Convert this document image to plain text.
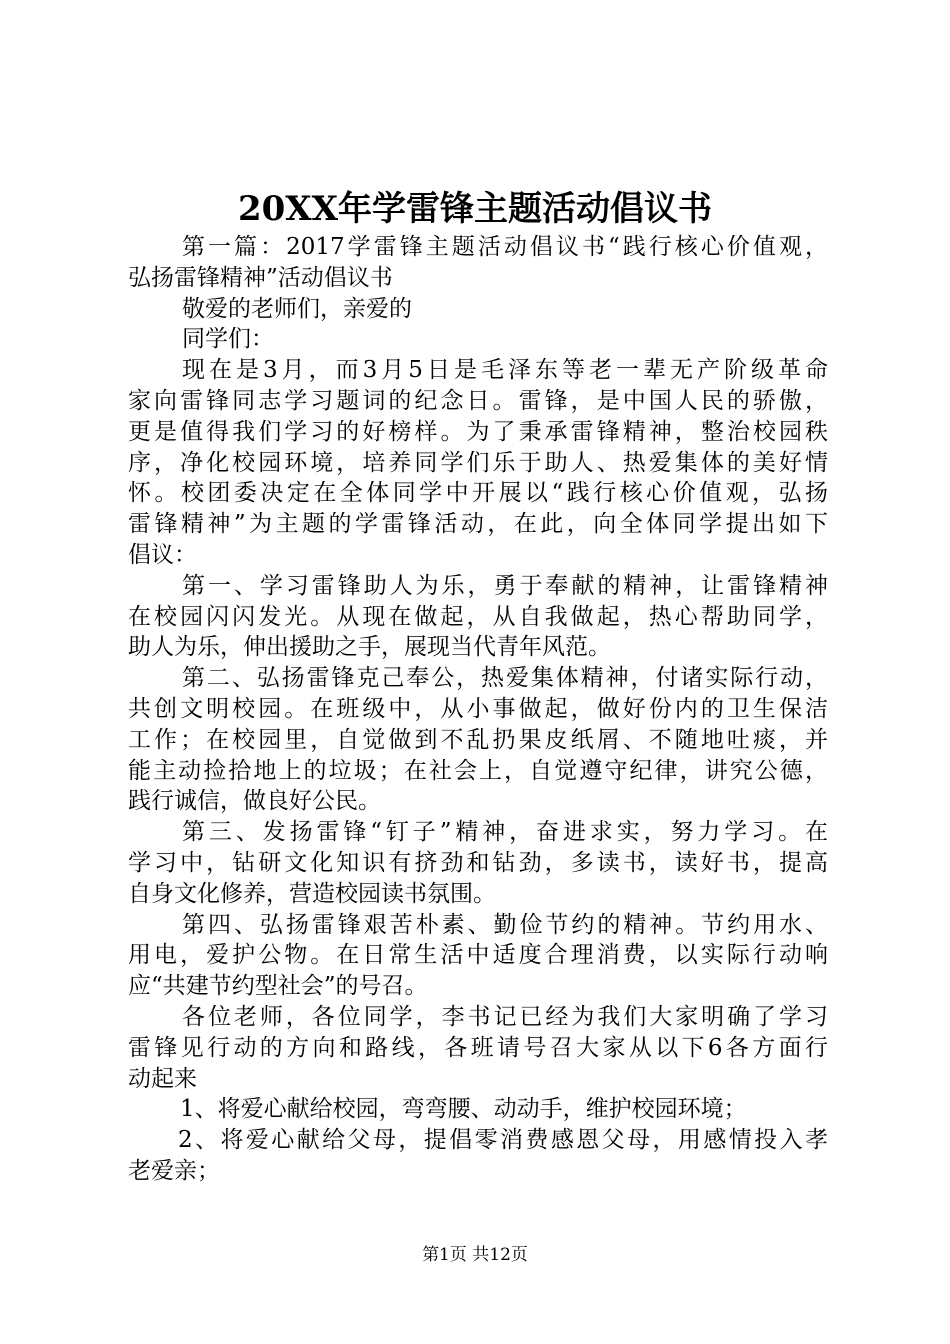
20XX年学雷锋主题活动倡议书
第一篇：2017学雷锋主题活动倡议书“践行核心价值观，
弘扬雷锋精神”活动倡议书
敬爱的老师们，亲爱的
同学们：
现在是3月，而3月5日是毛泽东等老一辈无产阶级革命
家向雷锋同志学习题词的纪念日。雷锋，是中国人民的骄傲，
更是值得我们学习的好榜样。为了秉承雷锋精神，整治校园秩
序，净化校园环境，培养同学们乐于助人、热爱集体的美好情
怀。校团委决定在全体同学中开展以“践行核心价值观，弘扬
雷锋精神”为主题的学雷锋活动，在此，向全体同学提出如下
倡议：
第一、学习雷锋助人为乐，勇于奉献的精神，让雷锋精神
在校园闪闪发光。从现在做起，从自我做起，热心帮助同学，
助人为乐，伸出援助之手，展现当代青年风范。
第二、弘扬雷锋克己奉公，热爱集体精神，付诸实际行动，
共创文明校园。在班级中，从小事做起，做好份内的卫生保洁
工作；在校园里，自觉做到不乱扔果皮纸屑、不随地吐痰，并
能主动捡拾地上的垃圾；在社会上，自觉遵守纪律，讲究公德，
践行诚信，做良好公民。
第三、发扬雷锋“钉子”精神，奋进求实，努力学习。在
学习中，钻研文化知识有挤劲和钻劲，多读书，读好书，提高
自身文化修养，营造校园读书氛围。
第四、弘扬雷锋艰苦朴素、勤俭节约的精神。节约用水、
用电，爱护公物。在日常生活中适度合理消费，以实际行动响
应“共建节约型社会”的号召。
各位老师，各位同学，李书记已经为我们大家明确了学习
雷锋见行动的方向和路线，各班请号召大家从以下6各方面行
动起来
1、将爱心献给校园，弯弯腰、动动手，维护校园环境；
2、将爱心献给父母，提倡零消费感恩父母，用感情投入孝
老爱亲；
第1页 共12页
